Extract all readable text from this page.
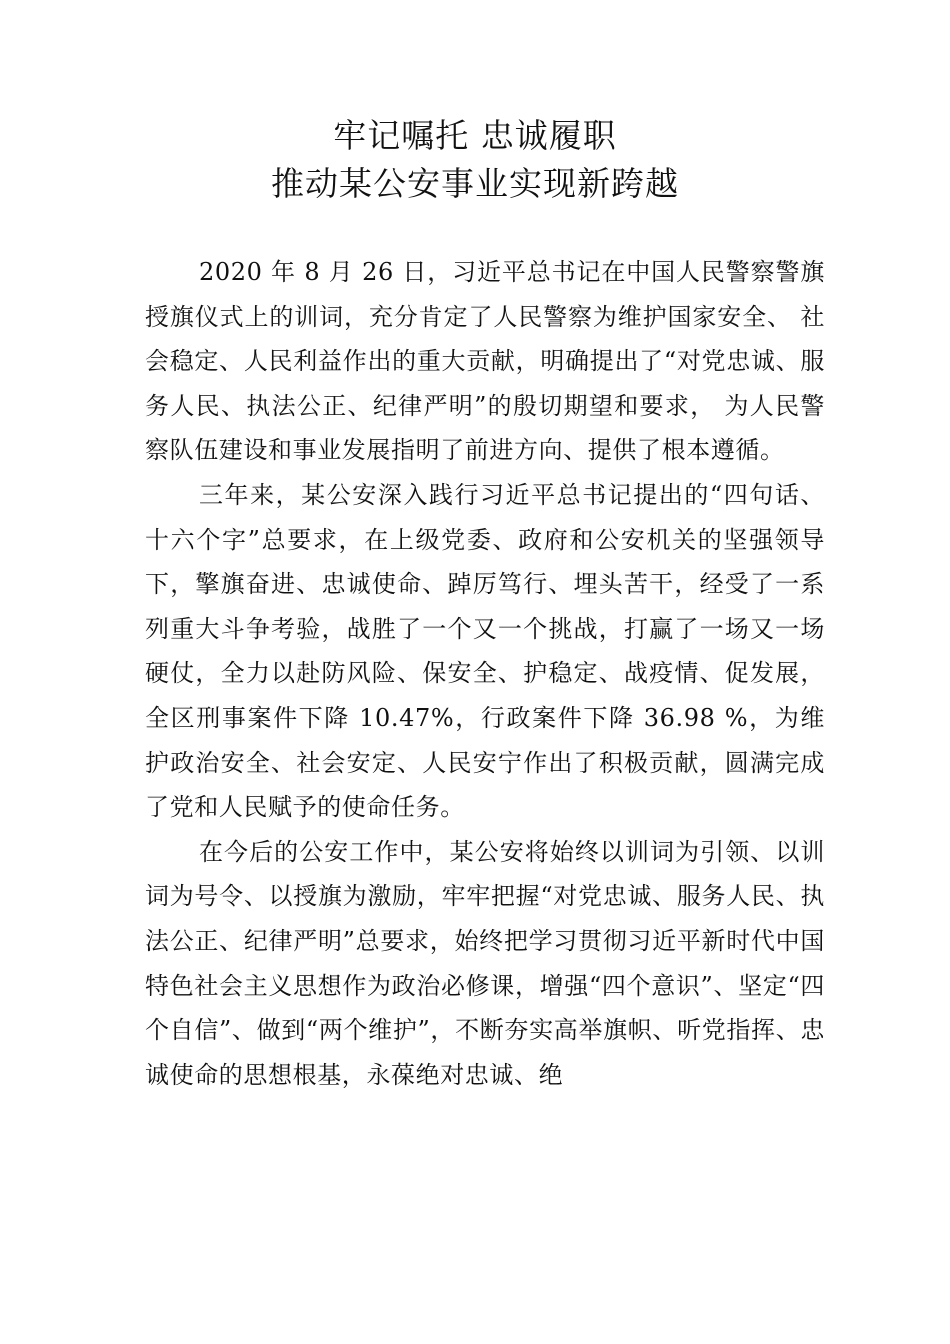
牢记嘱托 忠诚履职
推动某公安事业实现新跨越

2020 年 8 月 26 日，习近平总书记在中国人民警察警旗授旗仪式上的训词，充分肯定了人民警察为维护国家安全、 社会稳定、人民利益作出的重大贡献，明确提出了“对党忠诚、服务人民、执法公正、纪律严明”的殷切期望和要求， 为人民警察队伍建设和事业发展指明了前进方向、提供了根本遵循。

三年来，某公安深入践行习近平总书记提出的“四句话、十六个字”总要求，在上级党委、政府和公安机关的坚强领导下，擎旗奋进、忠诚使命、踔厉笃行、埋头苦干，经受了一系列重大斗争考验，战胜了一个又一个挑战，打赢了一场又一场硬仗，全力以赴防风险、保安全、护稳定、战疫情、促发展，全区刑事案件下降 10.47%，行政案件下降 36.98 %，为维护政治安全、社会安定、人民安宁作出了积极贡献，圆满完成了党和人民赋予的使命任务。

在今后的公安工作中，某公安将始终以训词为引领、以训词为号令、以授旗为激励，牢牢把握“对党忠诚、服务人民、执法公正、纪律严明”总要求，始终把学习贯彻习近平新时代中国特色社会主义思想作为政治必修课，增强“四个意识”、坚定“四个自信”、做到“两个维护”，不断夯实高举旗帜、听党指挥、忠诚使命的思想根基，永葆绝对忠诚、绝
